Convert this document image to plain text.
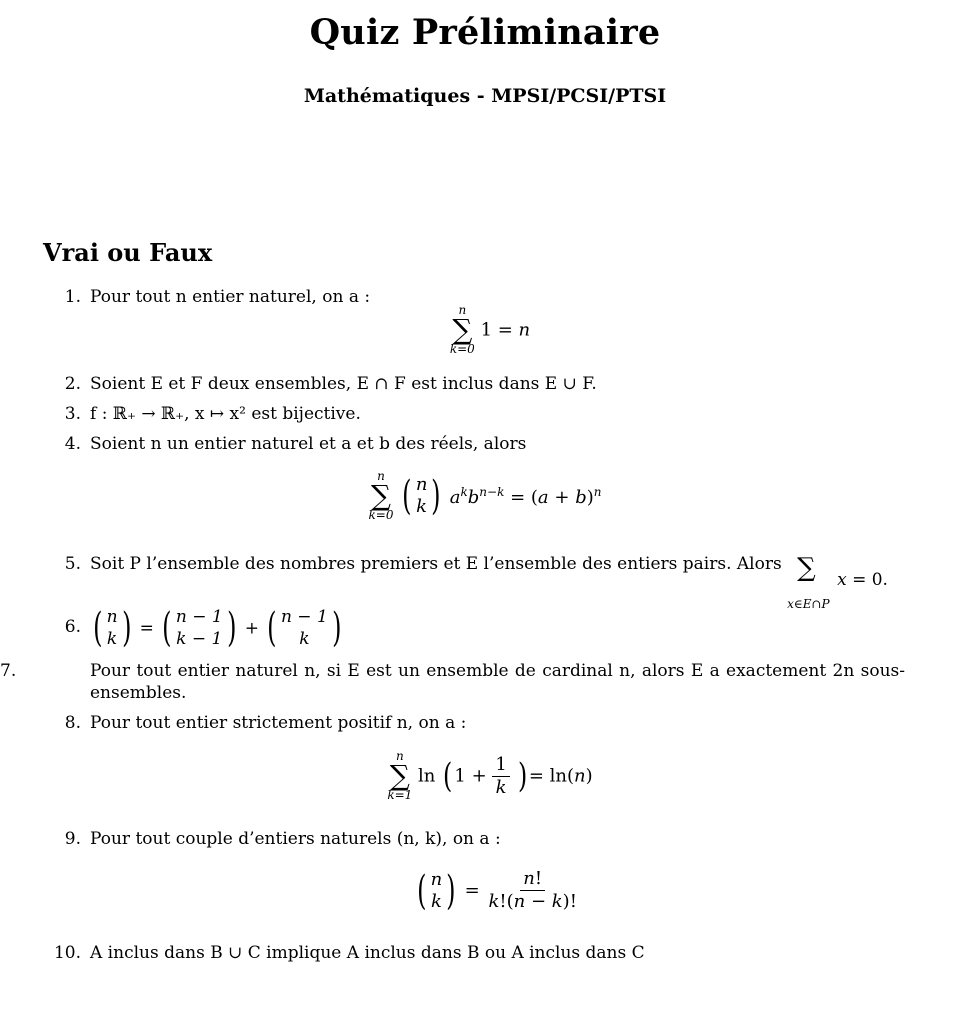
Quiz Préliminaire
Mathématiques - MPSI/PCSI/PTSI
Vrai ou Faux
1. Pour tout n entier naturel, on a :
n
∑
k=0
1 = n
2. Soient E et F deux ensembles, E ∩ F est inclus dans E ∪ F.
3. f : ℝ₊ → ℝ₊, x ↦ x² est bijective.
4. Soient n un entier naturel et a et b des réels, alors
n
∑
k=0
( n
k ) $a^kb^{n-k} = (a + b)^n$
5. Soit P l’ensemble des nombres premiers et E l’ensemble des entiers pairs. Alors ∑
x∈E∩P
x = 0.
6. ( n
k ) = ( n − 1
k − 1 ) + ( n − 1
k )
7.	Pour tout entier naturel n, si E est un ensemble de cardinal n, alors E a exactement 2n sous-ensembles.
8. Pour tout entier strictement positif n, on a :
n
∑
k=1
ln ( $1 + \frac{1}{k}$ ) = ln(n)
9. Pour tout couple d’entiers naturels (n, k), on a :
( n
k ) = $\frac{n!}{k!(n - k)!}$
10. A inclus dans B ∪ C implique A inclus dans B ou A inclus dans C
